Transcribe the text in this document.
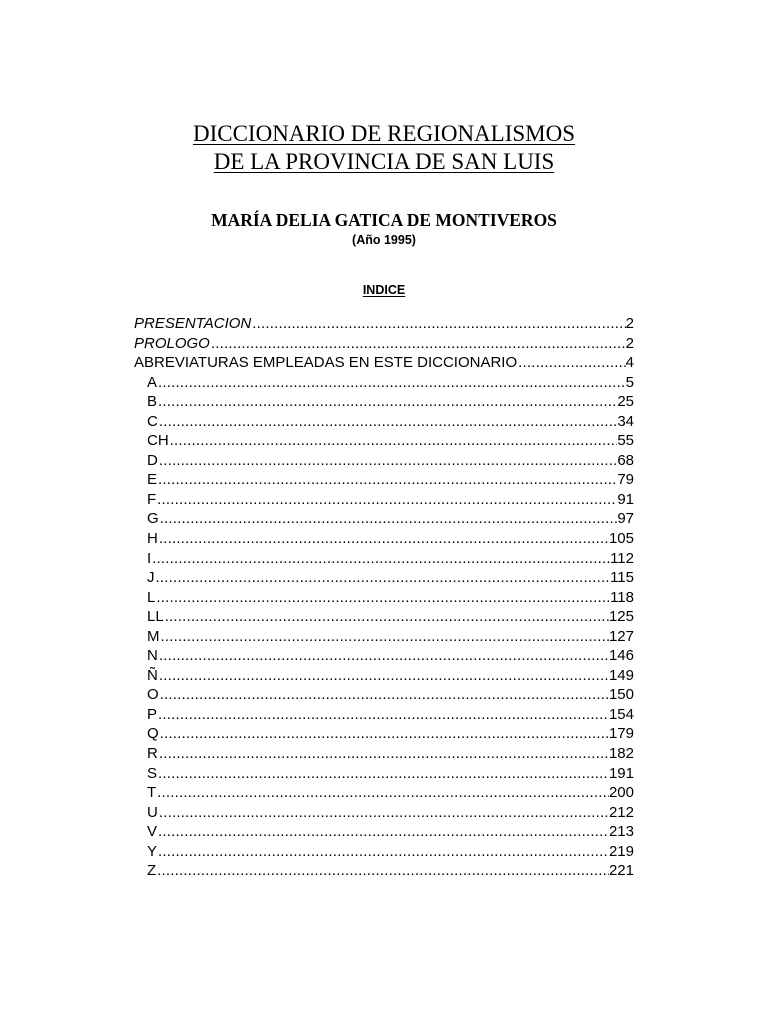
DICCIONARIO DE REGIONALISMOS
DE LA PROVINCIA DE SAN LUIS
MARÍA DELIA GATICA DE MONTIVEROS
(Año 1995)
INDICE
PRESENTACION .....	2
PROLOGO .....	2
ABREVIATURAS EMPLEADAS EN ESTE DICCIONARIO .....	4
A .....	5
B .....	25
C .....	34
CH .....	55
D .....	68
E .....	79
F .....	91
G .....	97
H .....	105
I .....	112
J .....	115
L .....	118
LL .....	125
M .....	127
N .....	146
Ñ .....	149
O .....	150
P .....	154
Q .....	179
R .....	182
S .....	191
T .....	200
U .....	212
V .....	213
Y .....	219
Z .....	221
